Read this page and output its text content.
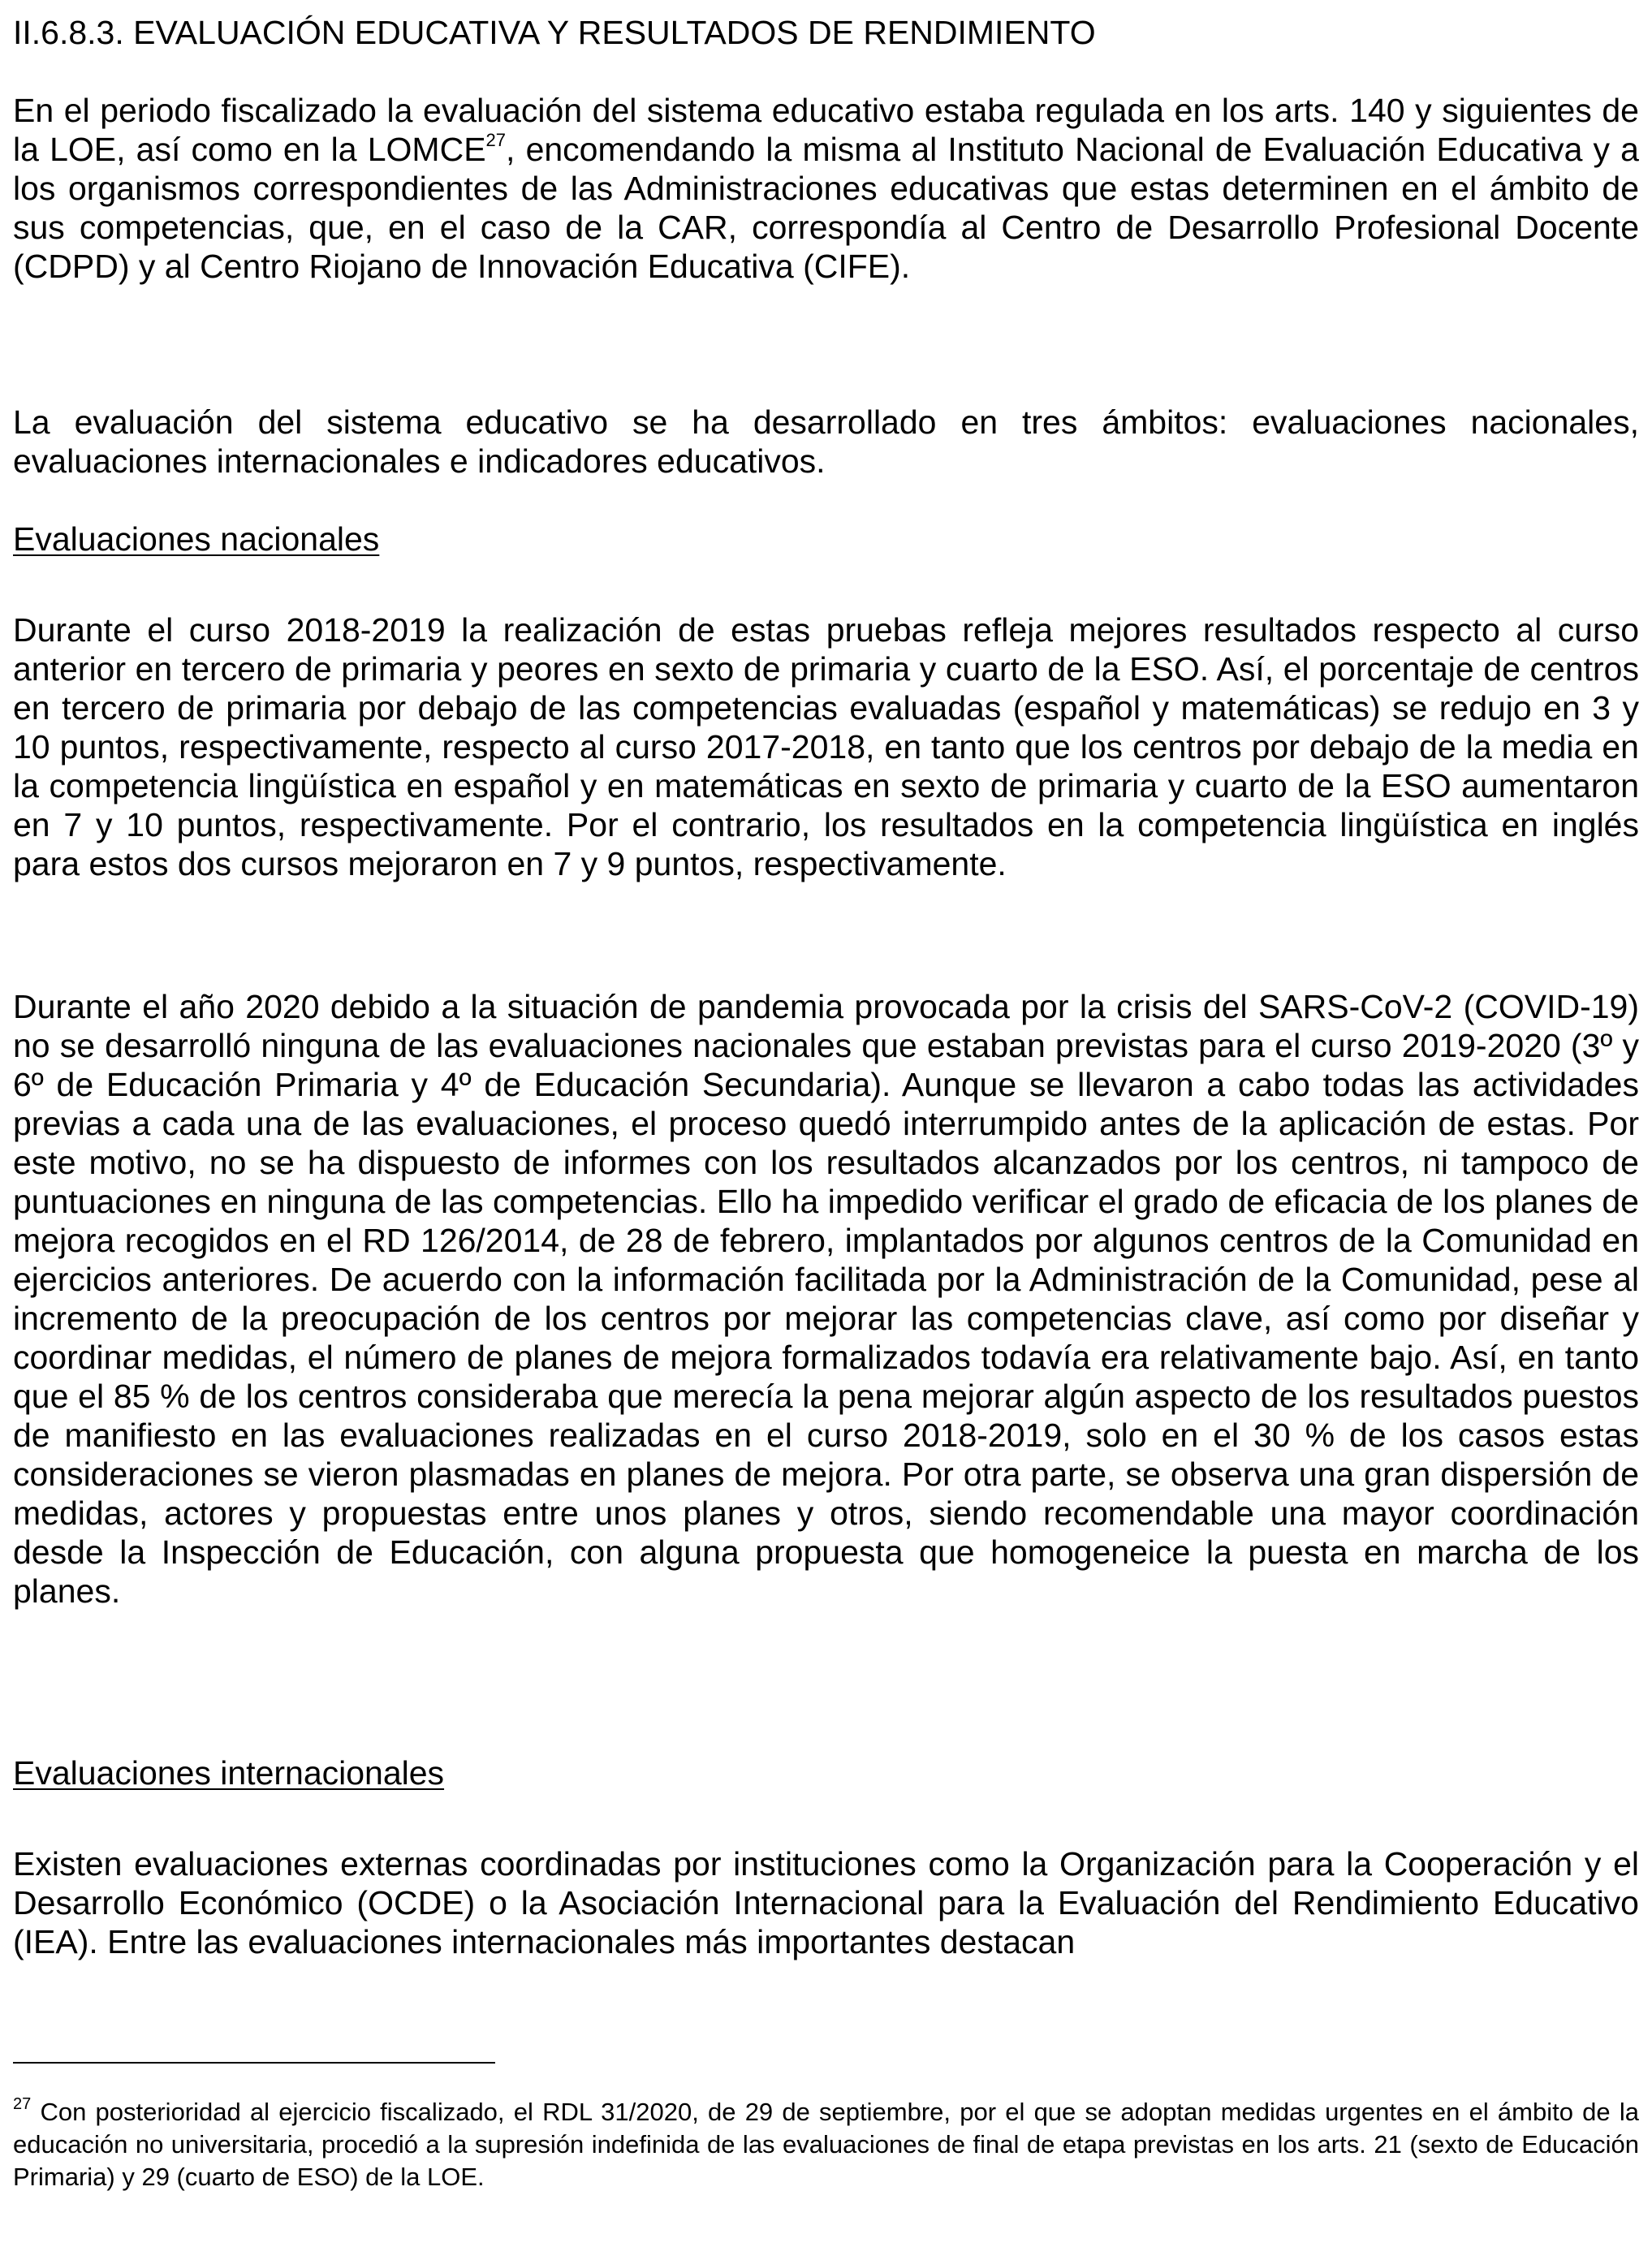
II.6.8.3. EVALUACIÓN EDUCATIVA Y RESULTADOS DE RENDIMIENTO

En el periodo fiscalizado la evaluación del sistema educativo estaba regulada en los arts. 140 y siguientes de la LOE, así como en la LOMCE$^{27}$, encomendando la misma al Instituto Nacional de Evaluación Educativa y a los organismos correspondientes de las Administraciones educativas que estas determinen en el ámbito de sus competencias, que, en el caso de la CAR, correspondía al Centro de Desarrollo Profesional Docente (CDPD) y al Centro Riojano de Innovación Educativa (CIFE).

La evaluación del sistema educativo se ha desarrollado en tres ámbitos: evaluaciones nacionales, evaluaciones internacionales e indicadores educativos.

Evaluaciones nacionales

Durante el curso 2018-2019 la realización de estas pruebas refleja mejores resultados respecto al curso anterior en tercero de primaria y peores en sexto de primaria y cuarto de la ESO. Así, el porcentaje de centros en tercero de primaria por debajo de las competencias evaluadas (español y matemáticas) se redujo en 3 y 10 puntos, respectivamente, respecto al curso 2017-2018, en tanto que los centros por debajo de la media en la competencia lingüística en español y en matemáticas en sexto de primaria y cuarto de la ESO aumentaron en 7 y 10 puntos, respectivamente. Por el contrario, los resultados en la competencia lingüística en inglés para estos dos cursos mejoraron en 7 y 9 puntos, respectivamente.

Durante el año 2020 debido a la situación de pandemia provocada por la crisis del SARS-CoV-2 (COVID-19) no se desarrolló ninguna de las evaluaciones nacionales que estaban previstas para el curso 2019-2020 (3º y 6º de Educación Primaria y 4º de Educación Secundaria). Aunque se llevaron a cabo todas las actividades previas a cada una de las evaluaciones, el proceso quedó interrumpido antes de la aplicación de estas. Por este motivo, no se ha dispuesto de informes con los resultados alcanzados por los centros, ni tampoco de puntuaciones en ninguna de las competencias. Ello ha impedido verificar el grado de eficacia de los planes de mejora recogidos en el RD 126/2014, de 28 de febrero, implantados por algunos centros de la Comunidad en ejercicios anteriores. De acuerdo con la información facilitada por la Administración de la Comunidad, pese al incremento de la preocupación de los centros por mejorar las competencias clave, así como por diseñar y coordinar medidas, el número de planes de mejora formalizados todavía era relativamente bajo. Así, en tanto que el 85 % de los centros consideraba que merecía la pena mejorar algún aspecto de los resultados puestos de manifiesto en las evaluaciones realizadas en el curso 2018-2019, solo en el 30 % de los casos estas consideraciones se vieron plasmadas en planes de mejora. Por otra parte, se observa una gran dispersión de medidas, actores y propuestas entre unos planes y otros, siendo recomendable una mayor coordinación desde la Inspección de Educación, con alguna propuesta que homogeneice la puesta en marcha de los planes.

Evaluaciones internacionales

Existen evaluaciones externas coordinadas por instituciones como la Organización para la Cooperación y el Desarrollo Económico (OCDE) o la Asociación Internacional para la Evaluación del Rendimiento Educativo (IEA). Entre las evaluaciones internacionales más importantes destacan

$^{27}$ Con posterioridad al ejercicio fiscalizado, el RDL 31/2020, de 29 de septiembre, por el que se adoptan medidas urgentes en el ámbito de la educación no universitaria, procedió a la supresión indefinida de las evaluaciones de final de etapa previstas en los arts. 21 (sexto de Educación Primaria) y 29 (cuarto de ESO) de la LOE.
